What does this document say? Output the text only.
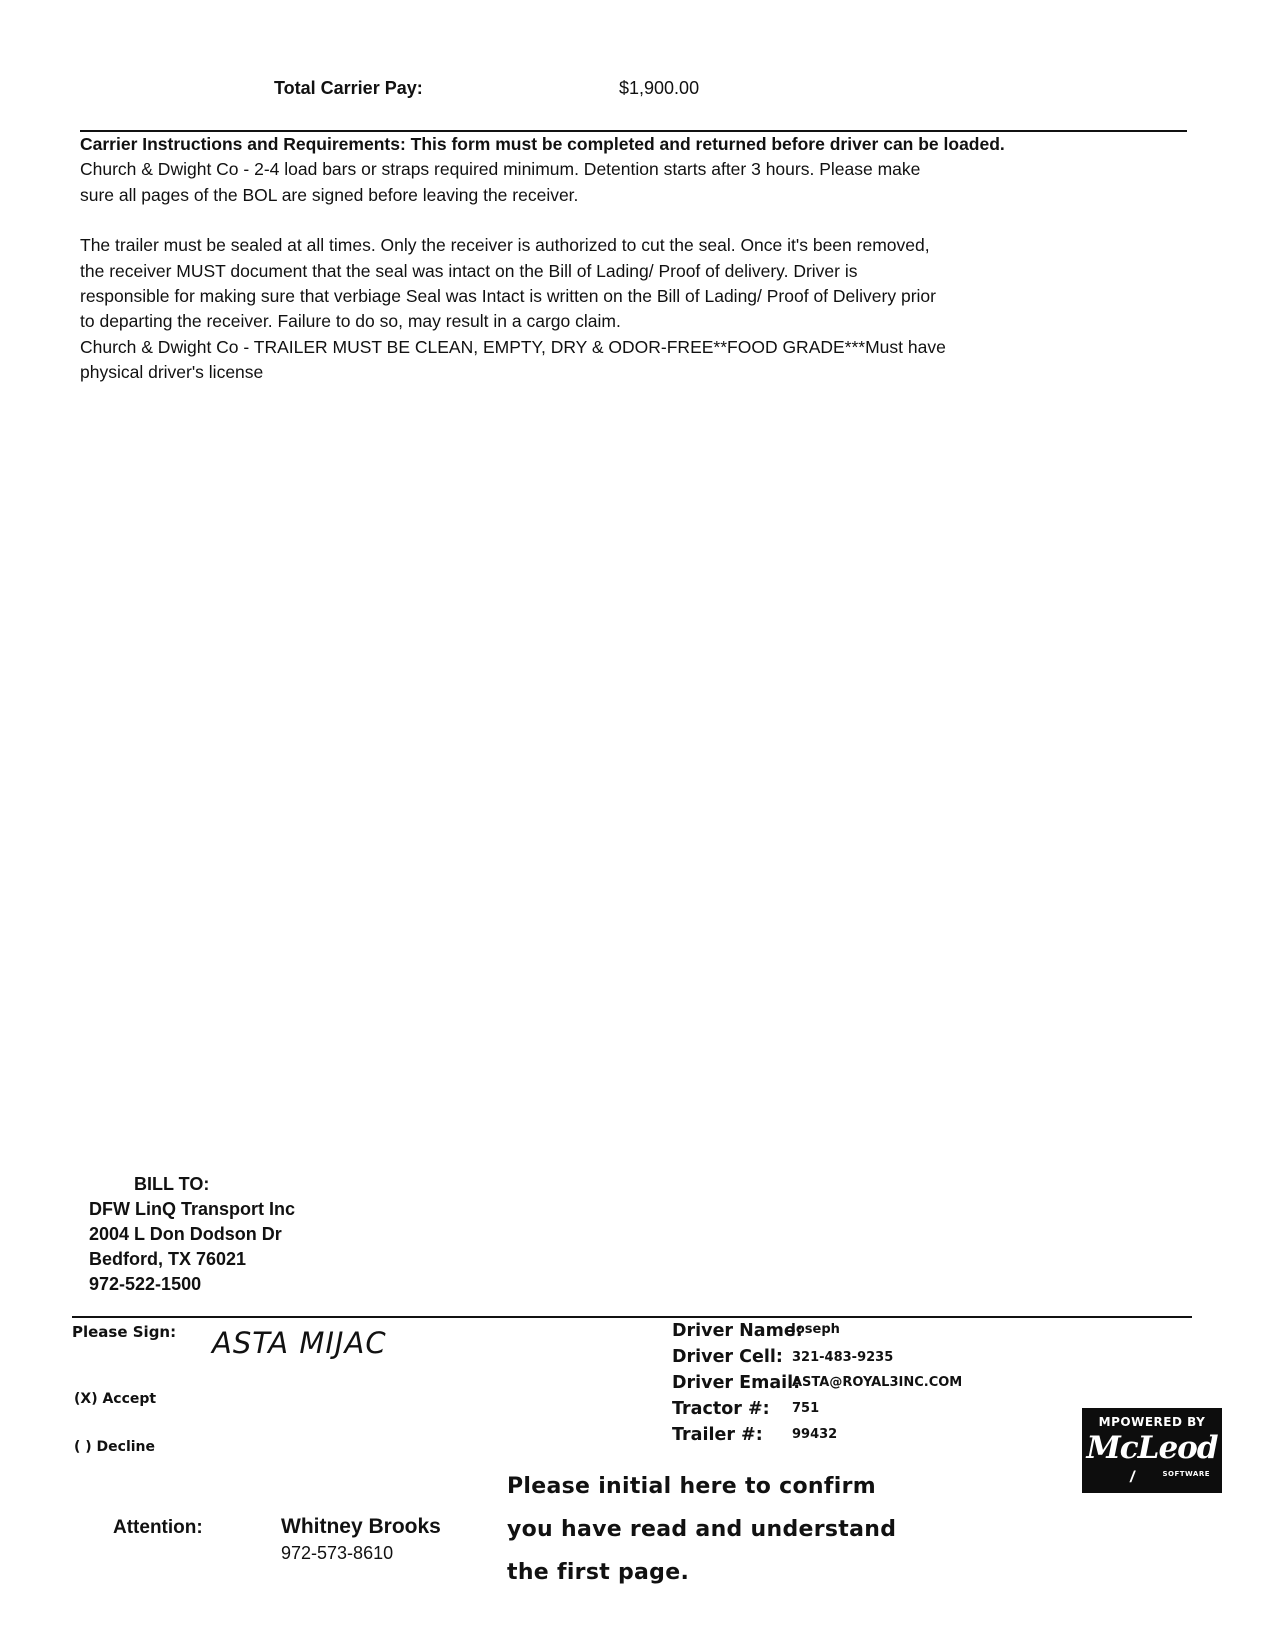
Total Carrier Pay:	$1,900.00
Carrier Instructions and Requirements: This form must be completed and returned before driver can be loaded.
Church & Dwight Co - 2-4 load bars or straps required minimum. Detention starts after 3 hours. Please make
sure all pages of the BOL are signed before leaving the receiver.
The trailer must be sealed at all times. Only the receiver is authorized to cut the seal. Once it's been removed,
the receiver MUST document that the seal was intact on the Bill of Lading/ Proof of delivery. Driver is
responsible for making sure that verbiage Seal was Intact is written on the Bill of Lading/ Proof of Delivery prior
to departing the receiver. Failure to do so, may result in a cargo claim.
Church & Dwight Co - TRAILER MUST BE CLEAN, EMPTY, DRY & ODOR-FREE**FOOD GRADE***Must have
physical driver's license
BILL TO:
DFW LinQ Transport Inc
2004 L Don Dodson Dr
Bedford, TX 76021
972-522-1500
Please Sign: ASTA MIJAC
(X) Accept
( ) Decline
Driver Name:
Joseph
Driver Cell: 321-483-9235
Driver Email:
ASTA@ROYAL3INC.COM
Tractor #: 751
Trailer #: 99432
MPOWERED BY
McLeod
/	SOFTWARE
Please initial here to confirm
you have read and understand
the first page.
Attention:	Whitney Brooks
972-573-8610
